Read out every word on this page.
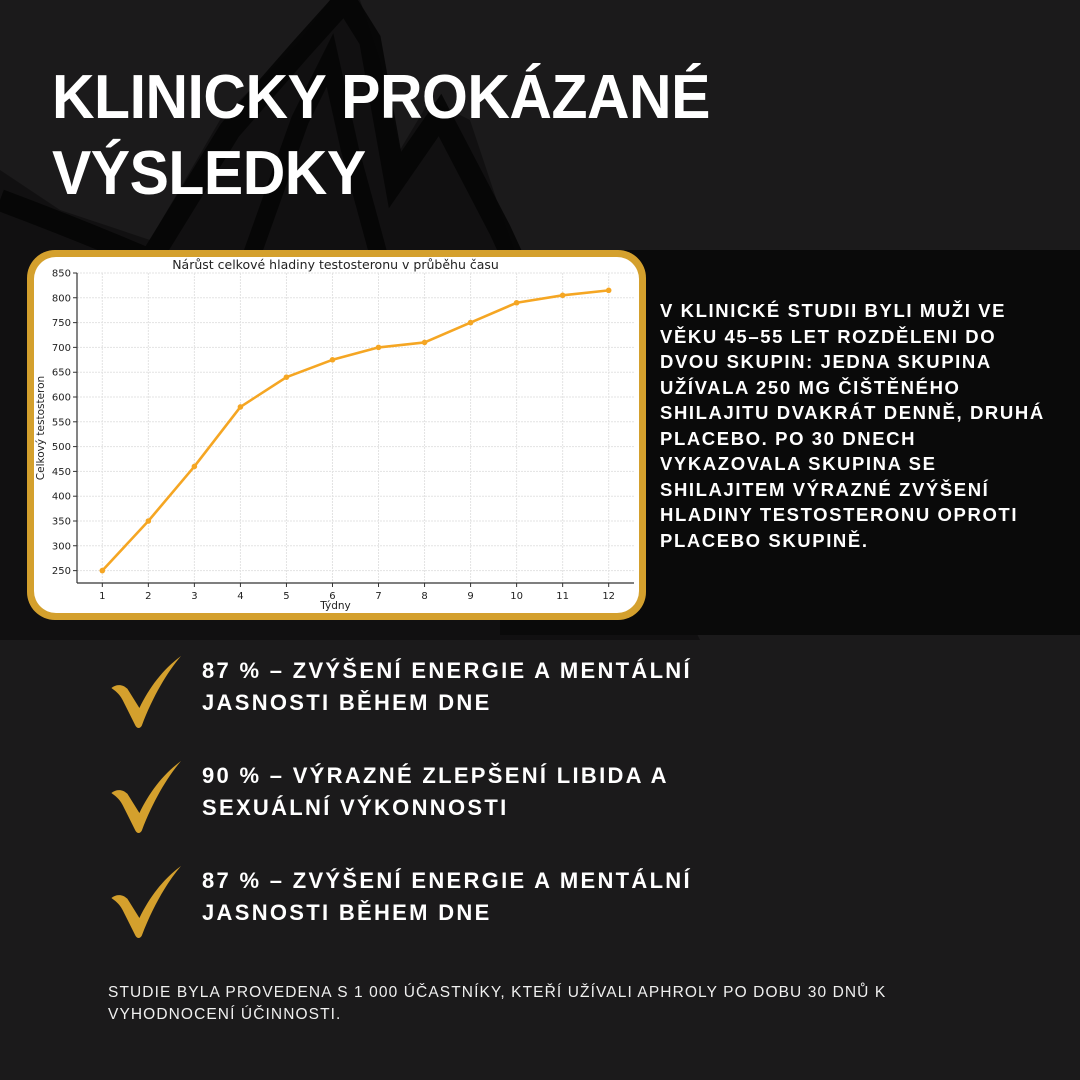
KLINICKY PROKÁZANÉ
VÝSLEDKY
250
300
350
400
450
500
550
600
650
700
750
800
850
1	2	3	4	5	6	7	8	9	10	11	12
Nárůst celkové hladiny testosteronu v průběhu času
Týdny
Celkový testosteron
V KLINICKÉ STUDII BYLI MUŽI VE VĚKU 45–55 LET ROZDĚLENI DO DVOU SKUPIN: JEDNA SKUPINA UŽÍVALA 250 MG ČIŠTĚNÉHO SHILAJITU DVAKRÁT DENNĚ, DRUHÁ PLACEBO. PO 30 DNECH VYKAZOVALA SKUPINA SE SHILAJITEM VÝRAZNÉ ZVÝŠENÍ HLADINY TESTOSTERONU OPROTI PLACEBO SKUPINĚ.
87 % – ZVÝŠENÍ ENERGIE A MENTÁLNÍ JASNOSTI BĚHEM DNE
90 % – VÝRAZNÉ ZLEPŠENÍ LIBIDA A SEXUÁLNÍ VÝKONNOSTI
87 % – ZVÝŠENÍ ENERGIE A MENTÁLNÍ JASNOSTI BĚHEM DNE
STUDIE BYLA PROVEDENA S 1 000 ÚČASTNÍKY, KTEŘÍ UŽÍVALI APHROLY PO DOBU 30 DNŮ K VYHODNOCENÍ ÚČINNOSTI.
